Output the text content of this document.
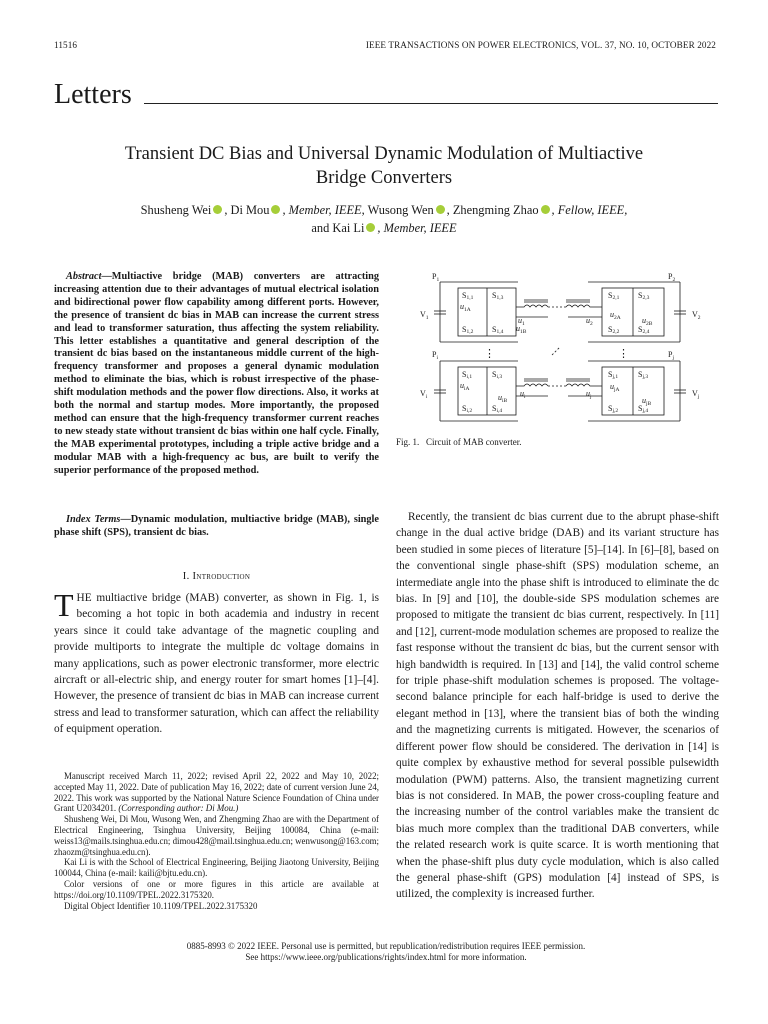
11516	IEEE TRANSACTIONS ON POWER ELECTRONICS, VOL. 37, NO. 10, OCTOBER 2022
Letters
Transient DC Bias and Universal Dynamic Modulation of Multiactive
Bridge Converters
Shusheng Wei , Di Mou , Member, IEEE, Wusong Wen , Zhengming Zhao , Fellow, IEEE,
and Kai Li , Member, IEEE
Abstract—Multiactive bridge (MAB) converters are attracting increasing attention due to their advantages of mutual electrical isolation and bidirectional power flow capability among different ports. However, the presence of transient dc bias in MAB can increase the current stress and lead to transformer saturation, thus affecting the system reliability. This letter establishes a quantitative and general description of the transient dc bias based on the instantaneous middle current of the high-frequency transformer and proposes a general dynamic modulation method to eliminate the bias, which is robust irrespective of the phase-shift modulation methods and the power flow directions. Also, it works at both the normal and startup modes. More importantly, the proposed method can ensure that the high-frequency transformer current reaches to new steady state without transient dc bias within one half cycle. Finally, the MAB experimental prototypes, including a triple active bridge and a modular MAB with a high-frequency ac bus, are built to verify the superior performance of the proposed method.
Index Terms—Dynamic modulation, multiactive bridge (MAB), single phase shift (SPS), transient dc bias.
I. Introduction
THE multiactive bridge (MAB) converter, as shown in Fig. 1, is becoming a hot topic in both academia and industry in recent years since it could take advantage of the magnetic coupling and provide multiports to integrate the multiple dc voltage domains in many applications, such as power electronic transformer, more electric aircraft or all-electric ship, and energy router for smart homes [1]–[4]. However, the presence of transient dc bias in MAB can increase current stress and lead to transformer saturation, which can affect the reliability of equipment operation.

Manuscript received March 11, 2022; revised April 22, 2022 and May 10, 2022; accepted May 11, 2022. Date of publication May 16, 2022; date of current version June 24, 2022. This work was supported by the National Nature Science Foundation of China under Grant U2034201. (Corresponding author: Di Mou.)

Shusheng Wei, Di Mou, Wusong Wen, and Zhengming Zhao are with the Department of Electrical Engineering, Tsinghua University, Beijing 100084, China (e-mail: weiss13@mails.tsinghua.edu.cn; dimou428@mail.tsinghua.edu.cn; wenwusong@163.com; zhaozm@tsinghua.edu.cn).

Kai Li is with the School of Electrical Engineering, Beijing Jiaotong University, Beijing 100044, China (e-mail: kaili@bjtu.edu.cn).

Color versions of one or more figures in this article are available at https://doi.org/10.1109/TPEL.2022.3175320.

Digital Object Identifier 10.1109/TPEL.2022.3175320

$P_1$	$P_2$
$P_i$	$P_j$
$V_1$	$V_2$
$V_i$	$V_j$
S1,1 S1,3
S1,2 S1,4
S2,1 S2,3
S2,2 S2,4
Si,1 Si,3
Si,2 Si,4
Sj,1 Sj,3
Sj,2 Sj,4
$u_{1A}$
$u_{1B}$
$u_1$	$u_2$
$u_{2A}$	$u_{2B}$
$u_{iA}$
$u_{iB}$
$u_i$	$u_j$
$u_{jA}$
$u_{jB}$
⋮	⋮
Fig. 1.   Circuit of MAB converter.
Recently, the transient dc bias current due to the abrupt phase-shift change in the dual active bridge (DAB) and its variant structure has been studied in some pieces of literature [5]–[14]. In [6]–[8], based on the conventional single phase-shift (SPS) modulation scheme, an intermediate angle into the phase shift is introduced to eliminate the dc bias. In [9] and [10], the double-side SPS modulation schemes are proposed to mitigate the transient dc bias current, respectively. In [11] and [12], current-mode modulation schemes are proposed to realize the fast response without the transient dc bias, but the current sensor with high bandwidth is required. In [13] and [14], the valid control scheme for triple phase-shift modulation schemes is proposed. The voltage-second balance principle for each half-bridge is used to derive the elegant method in [13], where the transient bias of both the winding and the magnetizing currents is mitigated. However, the scenarios of different power flow should be considered. The derivation in [14] is quite complex by exhaustive method for several possible pulsewidth modulation (PWM) patterns. Also, the transient magnetizing current bias is not considered. In MAB, the power cross-coupling feature and the increasing number of the control variables make the transient dc bias much more complex than the traditional DAB converters, while the related research work is quite scarce. It is worth mentioning that when the phase-shift plus duty cycle modulation, which is also called the general phase-shift (GPS) modulation [4] instead of SPS, is utilized, the complexity is increased further.
0885-8993 © 2022 IEEE. Personal use is permitted, but republication/redistribution requires IEEE permission.
See https://www.ieee.org/publications/rights/index.html for more information.
